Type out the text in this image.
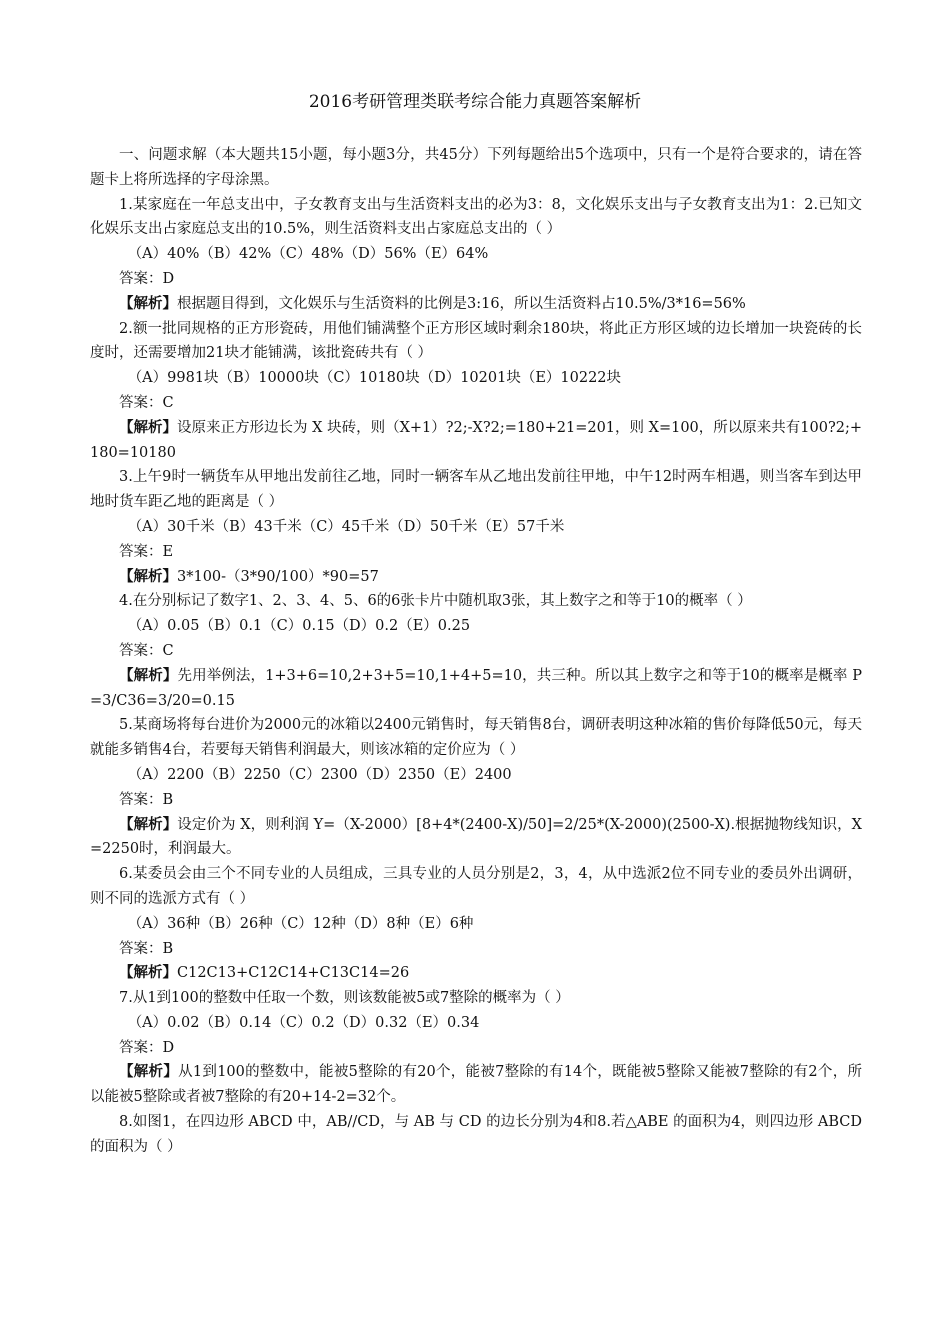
2016考研管理类联考综合能力真题答案解析

一、问题求解（本大题共15小题，每小题3分，共45分）下列每题给出5个选项中，只有一个是符合要求的，请在答题卡上将所选择的字母涂黑。

1.某家庭在一年总支出中，子女教育支出与生活资料支出的必为3：8，文化娱乐支出与子女教育支出为1：2.已知文化娱乐支出占家庭总支出的10.5%，则生活资料支出占家庭总支出的（ ）

（A）40%（B）42%（C）48%（D）56%（E）64%

答案：D

【解析】根据题目得到，文化娱乐与生活资料的比例是3:16，所以生活资料占10.5%/3*16=56%

2.额一批同规格的正方形瓷砖，用他们铺满整个正方形区域时剩余180块，将此正方形区域的边长增加一块瓷砖的长度时，还需要增加21块才能铺满，该批瓷砖共有（ ）

（A）9981块（B）10000块（C）10180块（D）10201块（E）10222块

答案：C

【解析】设原来正方形边长为 X 块砖，则（X+1）?2;-X?2;=180+21=201，则 X=100，所以原来共有100?2;+180=10180

3.上午9时一辆货车从甲地出发前往乙地，同时一辆客车从乙地出发前往甲地，中午12时两车相遇，则当客车到达甲地时货车距乙地的距离是（ ）

（A）30千米（B）43千米（C）45千米（D）50千米（E）57千米

答案：E

【解析】3*100-（3*90/100）*90=57

4.在分别标记了数字1、2、3、4、5、6的6张卡片中随机取3张，其上数字之和等于10的概率（ ）

（A）0.05（B）0.1（C）0.15（D）0.2（E）0.25

答案：C

【解析】先用举例法，1+3+6=10,2+3+5=10,1+4+5=10，共三种。所以其上数字之和等于10的概率是概率 P=3/C36=3/20=0.15

5.某商场将每台进价为2000元的冰箱以2400元销售时，每天销售8台，调研表明这种冰箱的售价每降低50元，每天就能多销售4台，若要每天销售利润最大，则该冰箱的定价应为（ ）

（A）2200（B）2250（C）2300（D）2350（E）2400

答案：B

【解析】设定价为 X，则利润 Y=（X-2000）[8+4*(2400-X)/50]=2/25*(X-2000)(2500-X).根据抛物线知识，X=2250时，利润最大。

6.某委员会由三个不同专业的人员组成，三具专业的人员分别是2，3，4，从中选派2位不同专业的委员外出调研，则不同的选派方式有（ ）

（A）36种（B）26种（C）12种（D）8种（E）6种

答案：B

【解析】C12C13+C12C14+C13C14=26

7.从1到100的整数中任取一个数，则该数能被5或7整除的概率为（ ）

（A）0.02（B）0.14（C）0.2（D）0.32（E）0.34

答案：D

【解析】从1到100的整数中，能被5整除的有20个，能被7整除的有14个，既能被5整除又能被7整除的有2个，所以能被5整除或者被7整除的有20+14-2=32个。

8.如图1，在四边形 ABCD 中，AB//CD，与 AB 与 CD 的边长分别为4和8.若△ABE 的面积为4，则四边形 ABCD 的面积为（ ）
